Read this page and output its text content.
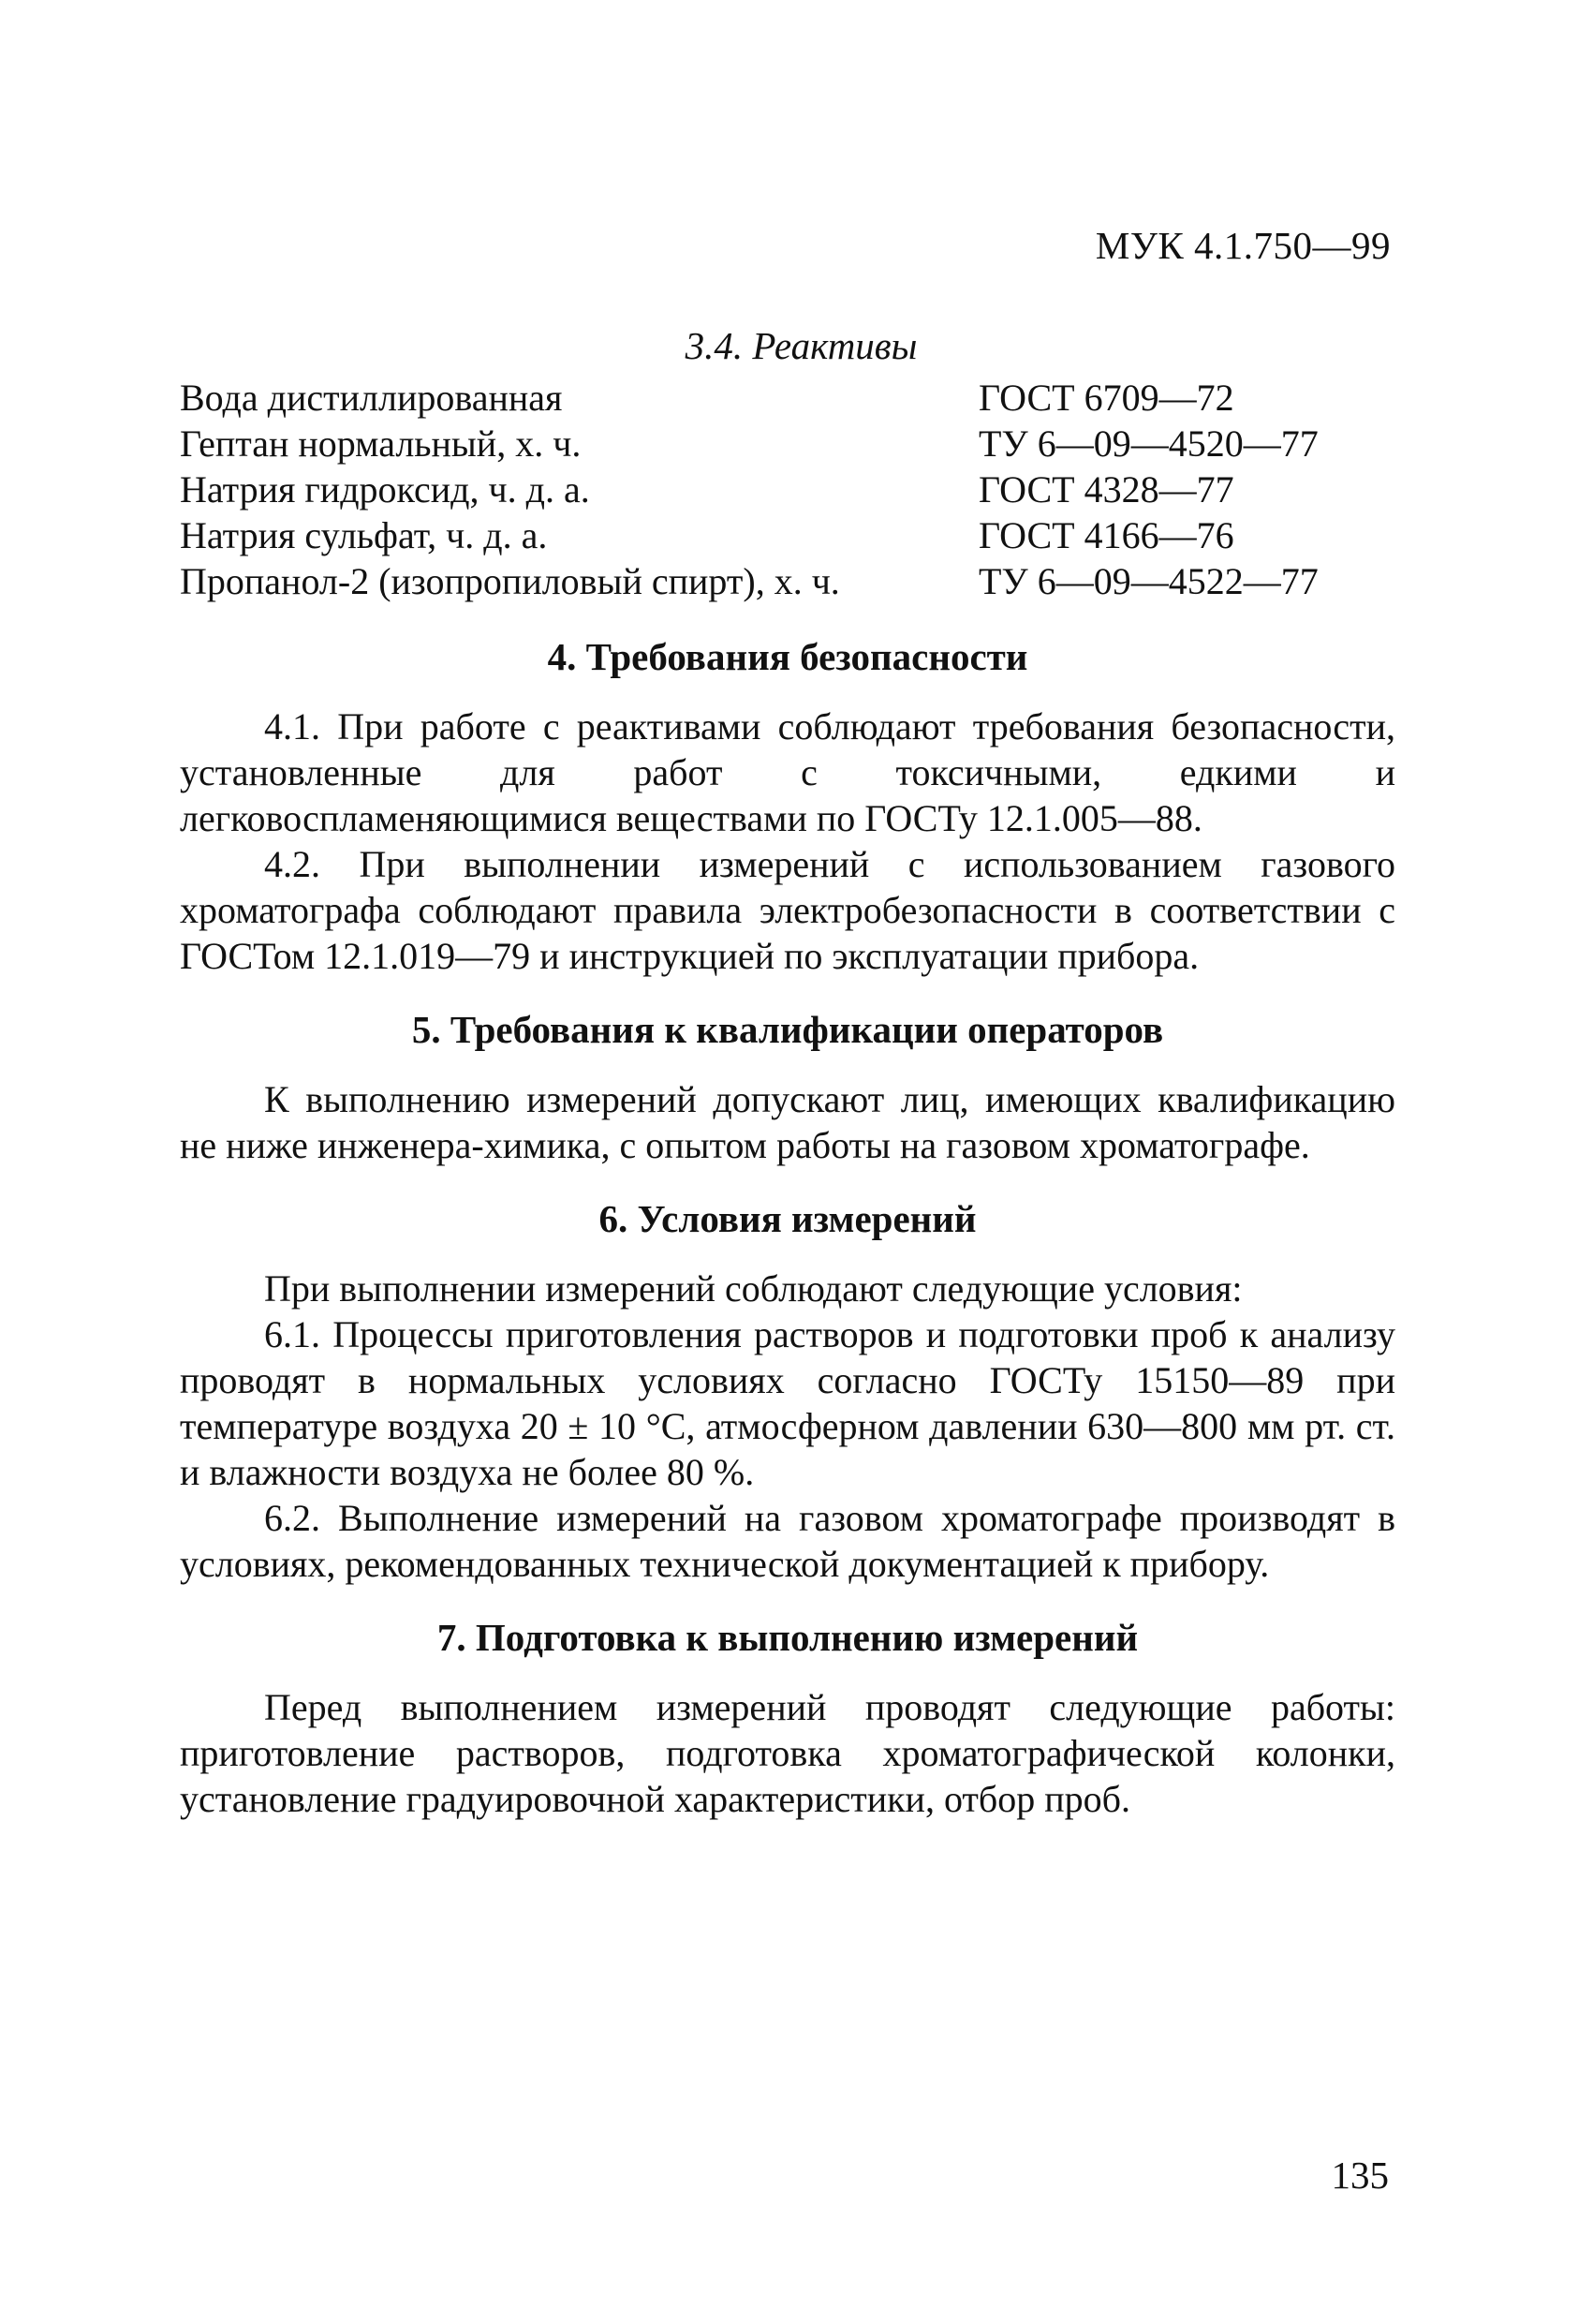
МУК 4.1.750—99
3.4. Реактивы
Вода дистиллированная	ГОСТ 6709—72
Гептан нормальный, х. ч.	ТУ 6—09—4520—77
Натрия гидроксид, ч. д. а.	ГОСТ 4328—77
Натрия сульфат, ч. д. а.	ГОСТ 4166—76
Пропанол-2 (изопропиловый спирт), х. ч.	ТУ 6—09—4522—77
4. Требования безопасности

4.1. При работе с реактивами соблюдают требования безопасности, установленные для работ с токсичными, едкими и легковоспламеняющимися веществами по ГОСТу 12.1.005—88.

4.2. При выполнении измерений с использованием газового хроматографа соблюдают правила электробезопасности в соответствии с ГОСТом 12.1.019—79 и инструкцией по эксплуатации прибора.

5. Требования к квалификации операторов

К выполнению измерений допускают лиц, имеющих квалификацию не ниже инженера-химика, с опытом работы на газовом хроматографе.

6. Условия измерений

При выполнении измерений соблюдают следующие условия:

6.1. Процессы приготовления растворов и подготовки проб к анализу проводят в нормальных условиях согласно ГОСТу 15150—89 при температуре воздуха 20 ± 10 °С, атмосферном давлении 630—800 мм рт. ст. и влажности воздуха не более 80 %.

6.2. Выполнение измерений на газовом хроматографе производят в условиях, рекомендованных технической документацией к прибору.

7. Подготовка к выполнению измерений

Перед выполнением измерений проводят следующие работы: приготовление растворов, подготовка хроматографической колонки, установление градуировочной характеристики, отбор проб.

135
